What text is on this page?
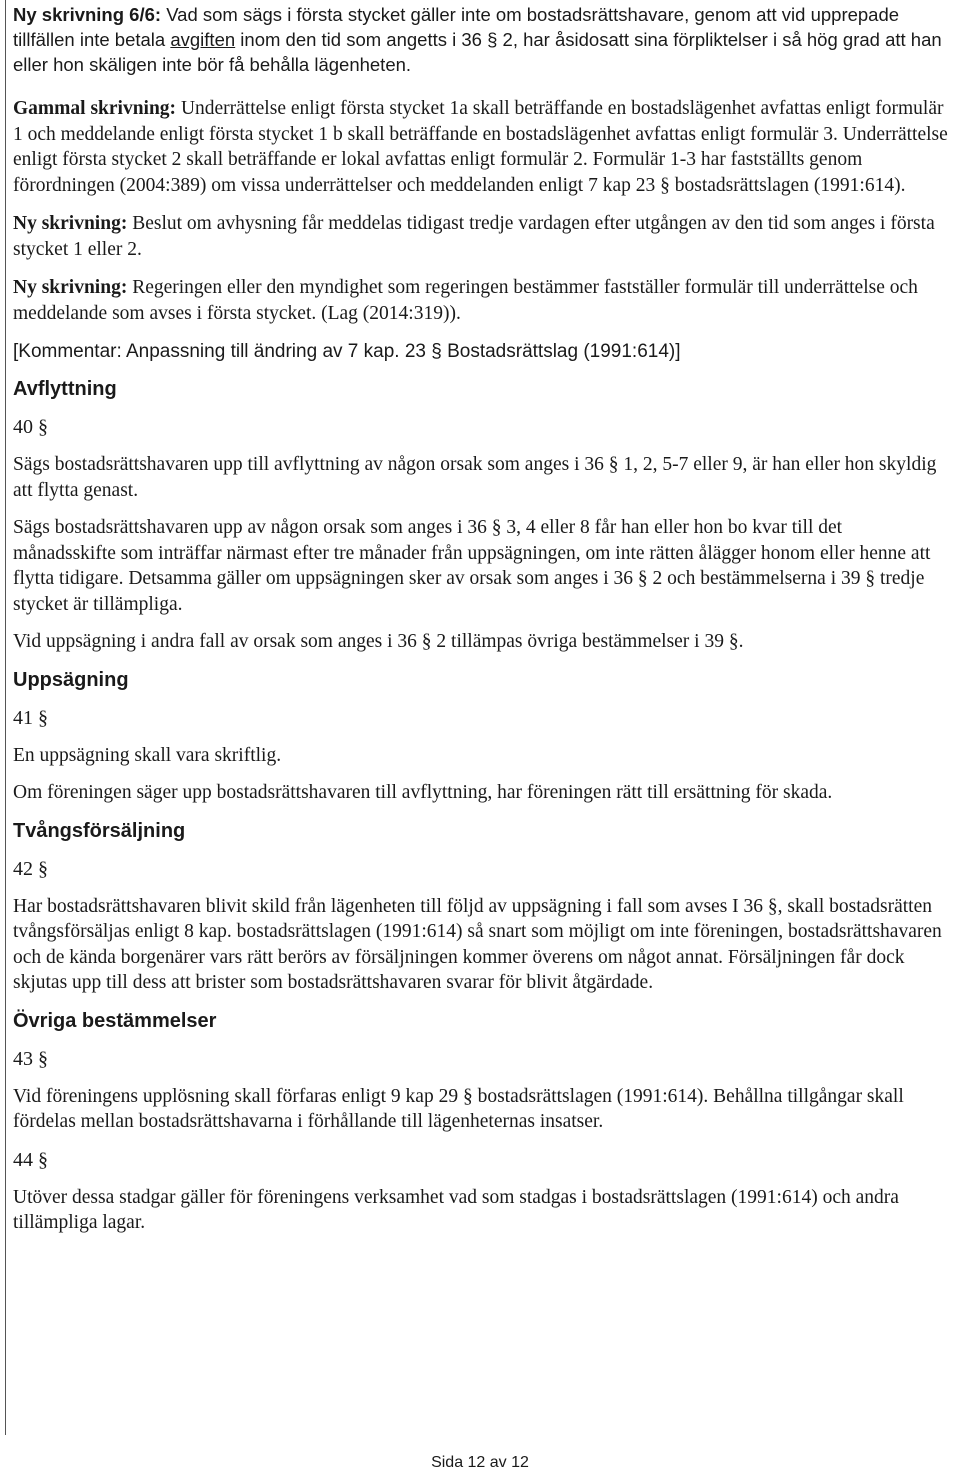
Ny skrivning 6/6: Vad som sägs i första stycket gäller inte om bostadsrättshavare, genom att vid upprepade tillfällen inte betala avgiften inom den tid som angetts i 36 § 2, har åsidosatt sina förpliktelser i så hög grad att han eller hon skäligen inte bör få behålla lägenheten.

Gammal skrivning: Underrättelse enligt första stycket 1a skall beträffande en bostadslägenhet avfattas enligt formulär 1 och meddelande enligt första stycket 1 b skall beträffande en bostadslägenhet avfattas enligt formulär 3. Underrättelse enligt första stycket 2 skall beträffande er lokal avfattas enligt formulär 2. Formulär 1-3 har fastställts genom förordningen (2004:389) om vissa underrättelser och meddelanden enligt 7 kap 23 § bostadsrättslagen (1991:614).

Ny skrivning: Beslut om avhysning får meddelas tidigast tredje vardagen efter utgången av den tid som anges i första stycket 1 eller 2.

Ny skrivning: Regeringen eller den myndighet som regeringen bestämmer fastställer formulär till underrättelse och meddelande som avses i första stycket. (Lag (2014:319)).

[Kommentar: Anpassning till ändring av 7 kap. 23 § Bostadsrättslag (1991:614)]

Avflyttning

40 §

Sägs bostadsrättshavaren upp till avflyttning av någon orsak som anges i 36 § 1, 2, 5-7 eller 9, är han eller hon skyldig att flytta genast.

Sägs bostadsrättshavaren upp av någon orsak som anges i 36 § 3, 4 eller 8 får han eller hon bo kvar till det månadsskifte som inträffar närmast efter tre månader från uppsägningen, om inte rätten ålägger honom eller henne att flytta tidigare. Detsamma gäller om uppsägningen sker av orsak som anges i 36 § 2 och bestämmelserna i 39 § tredje stycket är tillämpliga.

Vid uppsägning i andra fall av orsak som anges i 36 § 2 tillämpas övriga bestämmelser i 39 §.

Uppsägning

41 §

En uppsägning skall vara skriftlig.

Om föreningen säger upp bostadsrättshavaren till avflyttning, har föreningen rätt till ersättning för skada.

Tvångsförsäljning

42 §

Har bostadsrättshavaren blivit skild från lägenheten till följd av uppsägning i fall som avses I 36 §, skall bostadsrätten tvångsförsäljas enligt 8 kap. bostadsrättslagen (1991:614) så snart som möjligt om inte föreningen, bostadsrättshavaren och de kända borgenärer vars rätt berörs av försäljningen kommer överens om något annat. Försäljningen får dock skjutas upp till dess att brister som bostadsrättshavaren svarar för blivit åtgärdade.

Övriga bestämmelser

43 §

Vid föreningens upplösning skall förfaras enligt 9 kap 29 § bostadsrättslagen (1991:614). Behållna tillgångar skall fördelas mellan bostadsrättshavarna i förhållande till lägenheternas insatser.

44 §

Utöver dessa stadgar gäller för föreningens verksamhet vad som stadgas i bostadsrättslagen (1991:614) och andra tillämpliga lagar.

Sida 12 av 12
